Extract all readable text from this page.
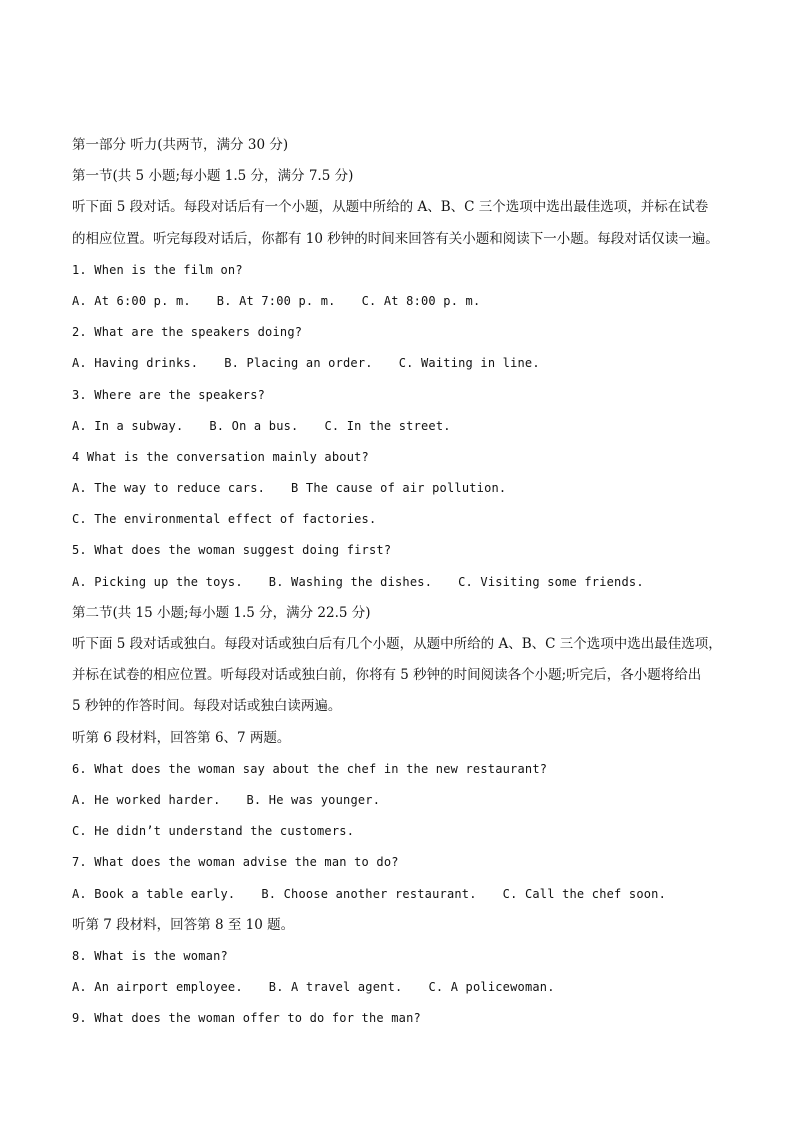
第一部分 听力(共两节，满分 30 分)
第一节(共 5 小题;每小题 1.5 分，满分 7.5 分)
听下面 5 段对话。每段对话后有一个小题，从题中所给的 A、B、C 三个选项中选出最佳选项，并标在试卷
的相应位置。听完每段对话后，你都有 10 秒钟的时间来回答有关小题和阅读下一小题。每段对话仅读一遍。
1. When is the film on?
A. At 6:00 p. m. B. At 7:00 p. m. C. At 8:00 p. m.
2. What are the speakers doing?
A. Having drinks. B. Placing an order. C. Waiting in line.
3. Where are the speakers?
A. In a subway. B. On a bus. C. In the street.
4 What is the conversation mainly about?
A. The way to reduce cars. B The cause of air pollution.
C. The environmental effect of factories.
5. What does the woman suggest doing first?
A. Picking up the toys. B. Washing the dishes. C. Visiting some friends.
第二节(共 15 小题;每小题 1.5 分，满分 22.5 分)
听下面 5 段对话或独白。每段对话或独白后有几个小题，从题中所给的 A、B、C 三个选项中选出最佳选项，
并标在试卷的相应位置。听每段对话或独白前，你将有 5 秒钟的时间阅读各个小题;听完后，各小题将给出
5 秒钟的作答时间。每段对话或独白读两遍。
听第 6 段材料，回答第 6、7 两题。
6. What does the woman say about the chef in the new restaurant?
A. He worked harder. B. He was younger.
C. He didn’t understand the customers.
7. What does the woman advise the man to do?
A. Book a table early. B. Choose another restaurant. C. Call the chef soon.
听第 7 段材料，回答第 8 至 10 题。
8. What is the woman?
A. An airport employee. B. A travel agent. C. A policewoman.
9. What does the woman offer to do for the man?
